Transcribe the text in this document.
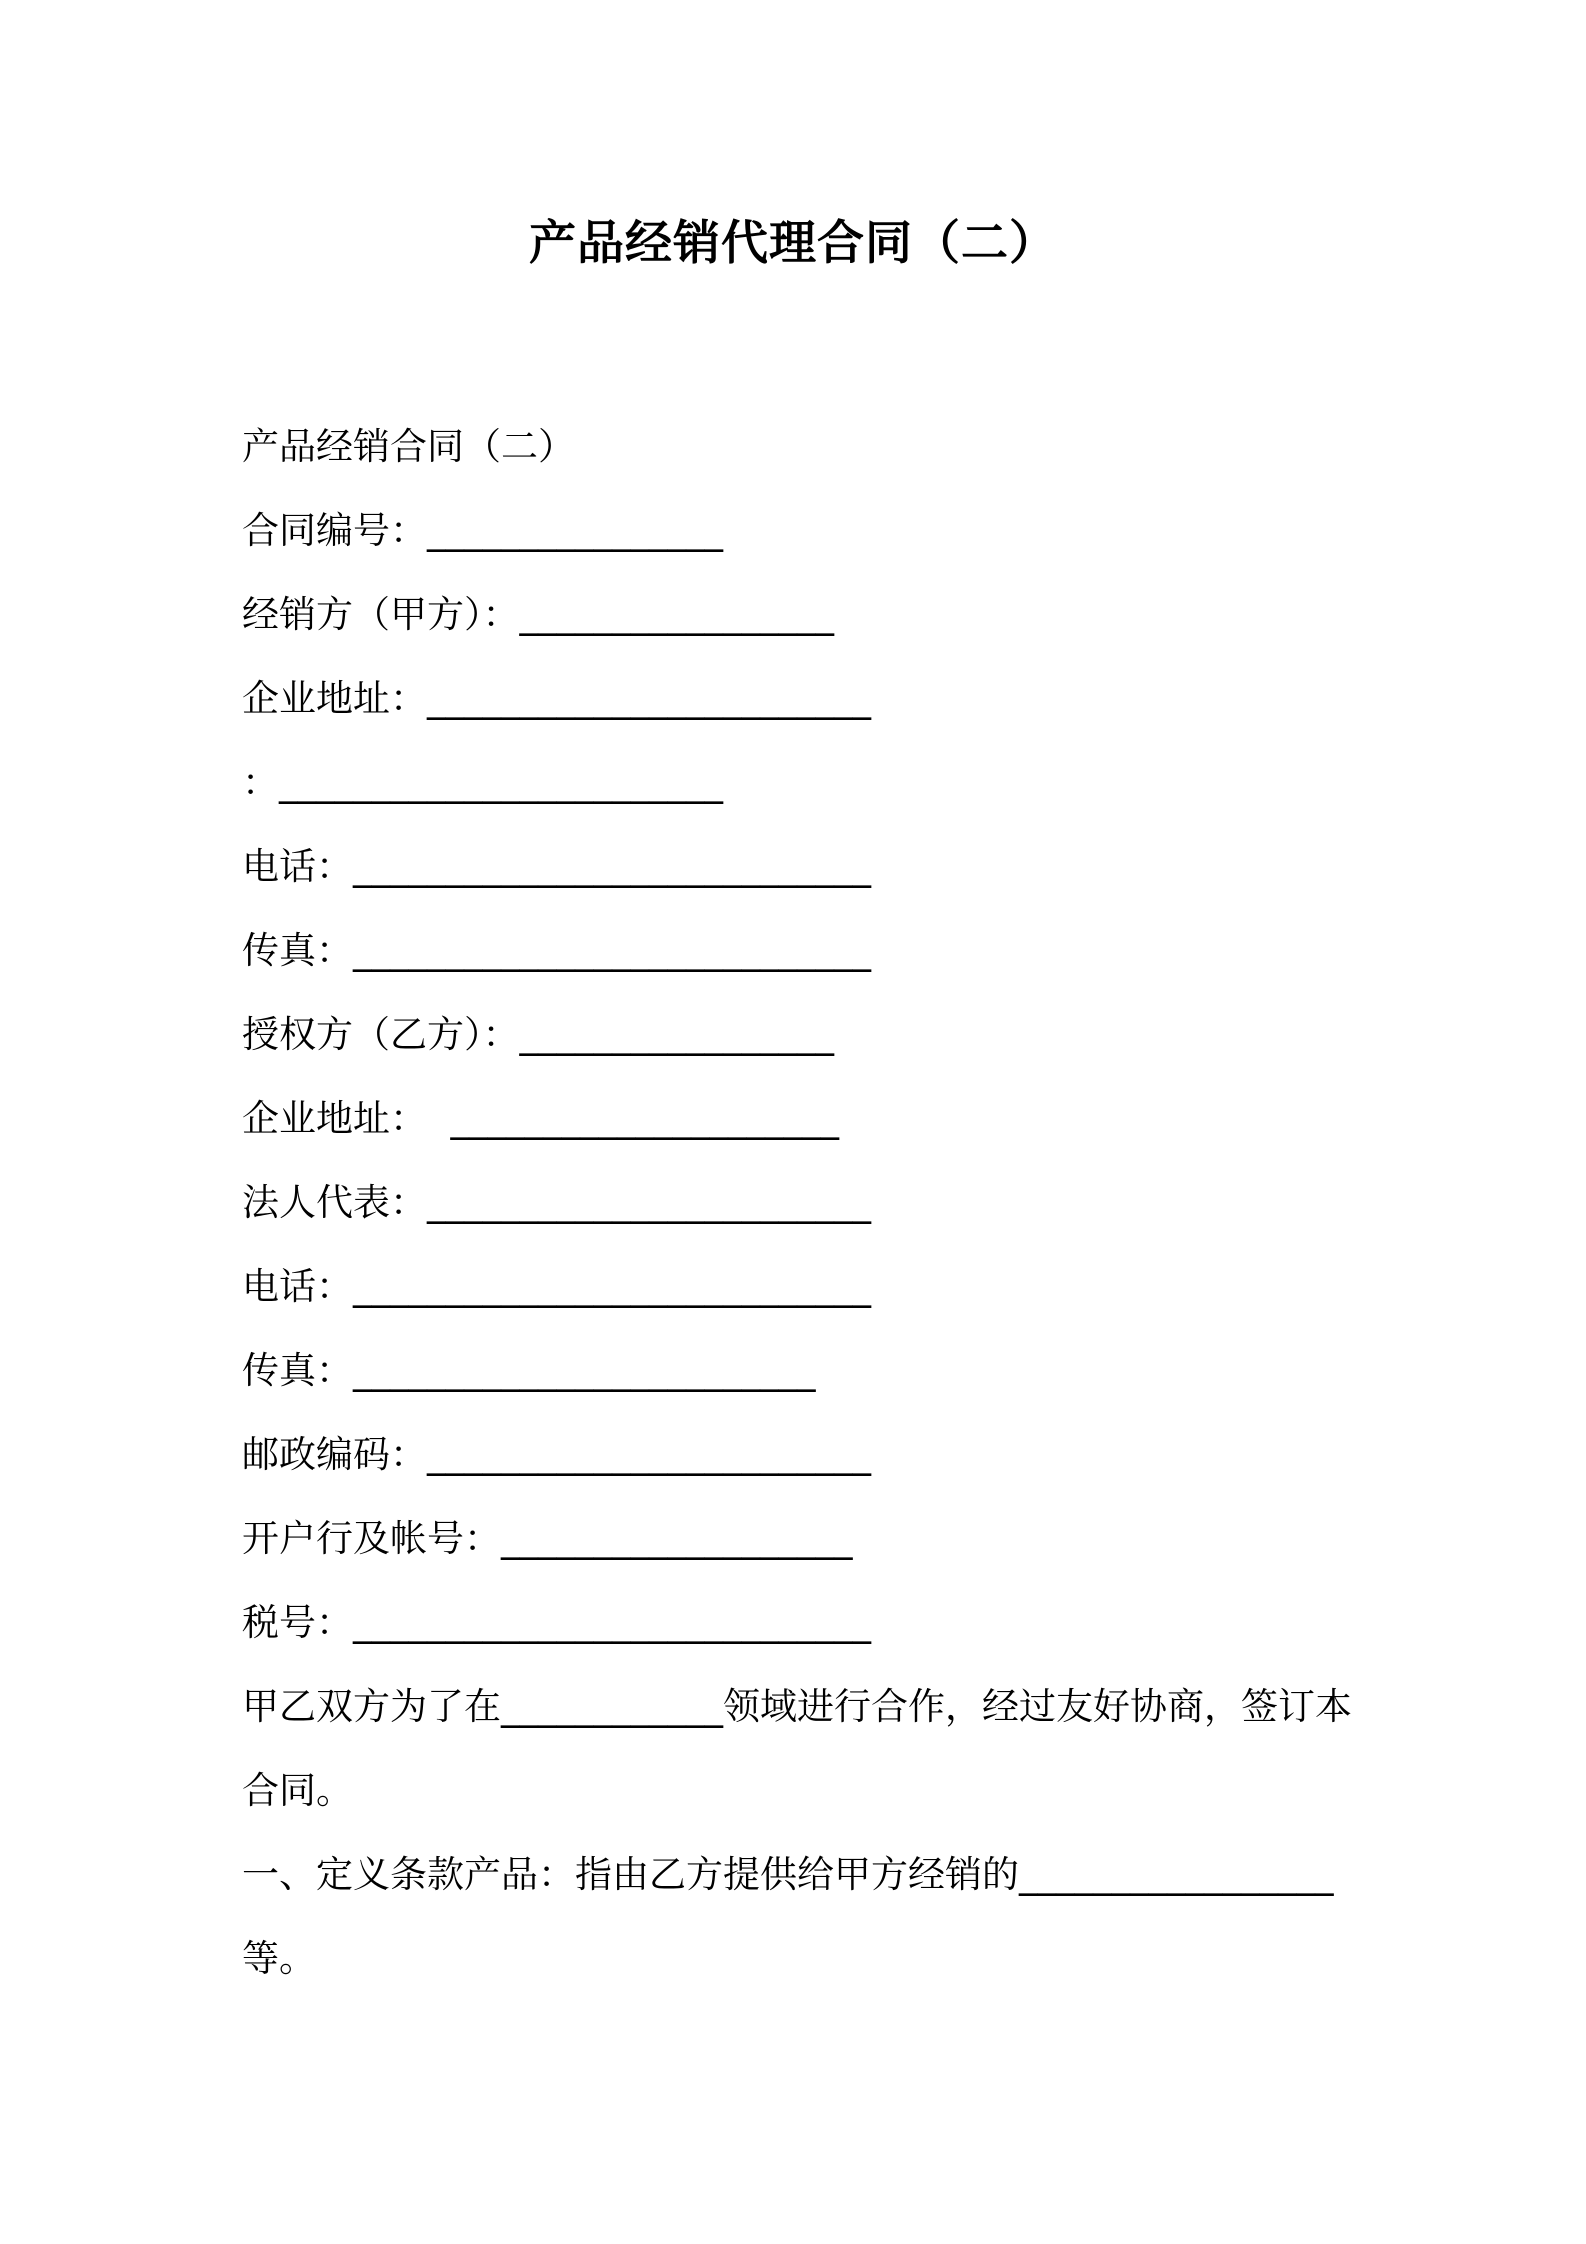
产品经销代理合同（二）
产品经销合同（二）
合同编号：________________
经销方（甲方）：_________________
企业地址：________________________
：________________________
电话：____________________________
传真：____________________________
授权方（乙方）：_________________
企业地址：  _____________________
法人代表：________________________
电话：____________________________
传真：_________________________
邮政编码：________________________
开户行及帐号：___________________
税号：____________________________
甲乙双方为了在____________领域进行合作，经过友好协商，签订本合同。
一、定义条款产品：指由乙方提供给甲方经销的_________________等。
